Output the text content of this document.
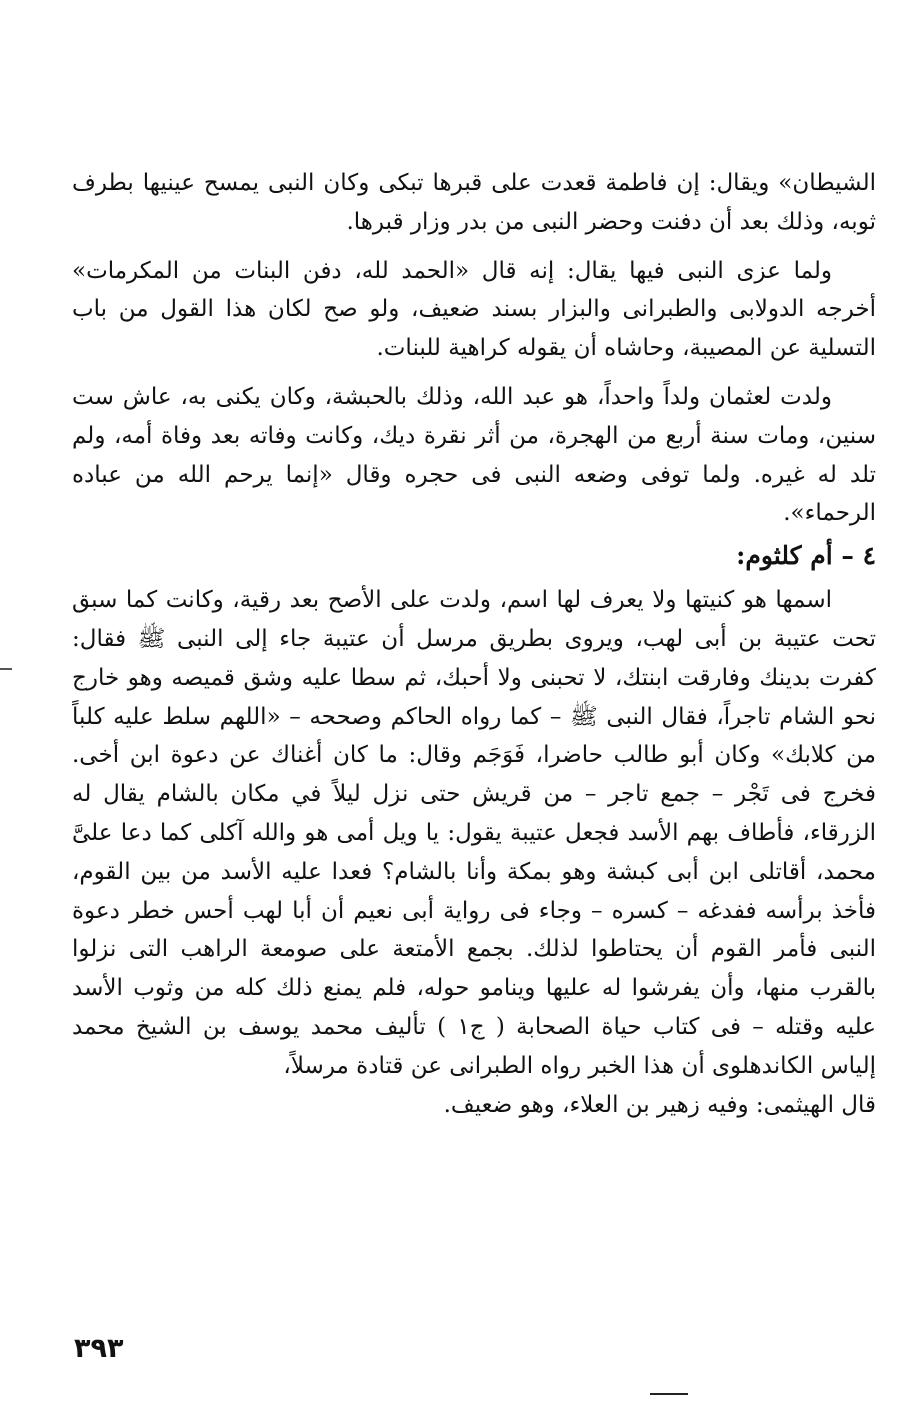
الشيطان» ويقال: إن فاطمة قعدت على قبرها تبكى وكان النبى يمسح عينيها بطرف ثوبه، وذلك بعد أن دفنت وحضر النبى من بدر وزار قبرها.

ولما عزى النبى فيها يقال: إنه قال «الحمد لله، دفن البنات من المكرمات» أخرجه الدولابى والطبرانى والبزار بسند ضعيف، ولو صح لكان هذا القول من باب التسلية عن المصيبة، وحاشاه أن يقوله كراهية للبنات.

ولدت لعثمان ولداً واحداً، هو عبد الله، وذلك بالحبشة، وكان يكنى به، عاش ست سنين، ومات سنة أربع من الهجرة، من أثر نقرة ديك، وكانت وفاته بعد وفاة أمه، ولم تلد له غيره. ولما توفى وضعه النبى فى حجره وقال «إنما يرحم الله من عباده الرحماء».

٤ – أم كلثوم:

اسمها هو كنيتها ولا يعرف لها اسم، ولدت على الأصح بعد رقية، وكانت كما سبق تحت عتيبة بن أبى لهب، ويروى بطريق مرسل أن عتيبة جاء إلى النبى ﷺ فقال: كفرت بدينك وفارقت ابنتك، لا تحبنى ولا أحبك، ثم سطا عليه وشق قميصه وهو خارج نحو الشام تاجراً، فقال النبى ﷺ – كما رواه الحاكم وصححه – «اللهم سلط عليه كلباً من كلابك» وكان أبو طالب حاضرا، فَوَجَم وقال: ما كان أغناك عن دعوة ابن أخى. فخرج فى تَجْر – جمع تاجر – من قريش حتى نزل ليلاً في مكان بالشام يقال له الزرقاء، فأطاف بهم الأسد فجعل عتيبة يقول: يا ويل أمى هو والله آكلى كما دعا علىَّ محمد، أقاتلى ابن أبى كبشة وهو بمكة وأنا بالشام؟ فعدا عليه الأسد من بين القوم، فأخذ برأسه ففدغه – كسره – وجاء فى رواية أبى نعيم أن أبا لهب أحس خطر دعوة النبى فأمر القوم أن يحتاطوا لذلك. بجمع الأمتعة على صومعة الراهب التى نزلوا بالقرب منها، وأن يفرشوا له عليها وينامو حوله، فلم يمنع ذلك كله من وثوب الأسد عليه وقتله – فى كتاب حياة الصحابة ( ج١ ) تأليف محمد يوسف بن الشيخ محمد إلياس الكاندهلوى أن هذا الخبر رواه الطبرانى عن قتادة مرسلاً،

قال الهيثمى: وفيه زهير بن العلاء، وهو ضعيف.

٣٩٣
